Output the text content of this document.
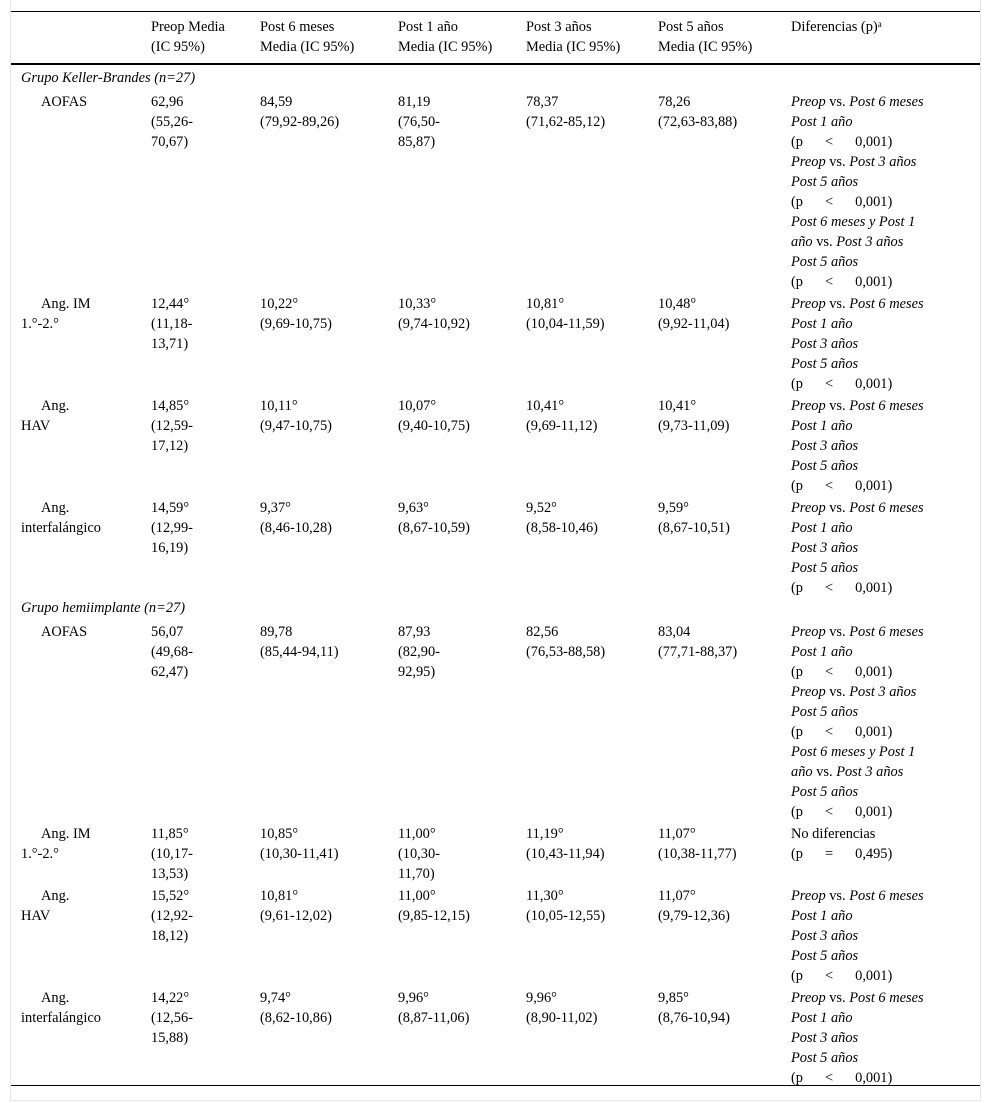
Preop Media
(IC 95%)
Post 6 meses
Media (IC 95%)
Post 1 año
Media (IC 95%)
Post 3 años
Media (IC 95%)
Post 5 años
Media (IC 95%)
Diferencias $(p)^a$
Grupo Keller-Brandes (n
=
27)
AOFAS	62,96
(55,26-
70,67)
84,59
(79,92-89,26)
81,19
(76,50-
85,87)
78,37
(71,62-85,12)
78,26
(72,63-83,88)
Preop vs. Post 6 meses
Post 1 año
(p < 0,001)
Preop vs. Post 3 años
Post 5 años
(p < 0,001)
Post 6 meses y Post 1
año vs. Post 3 años
Post 5 años
(p < 0,001)
Ang. IM
1.°-2.°
12,44°
(11,18-
13,71)
10,22°
(9,69-10,75)
10,33°
(9,74-10,92)
10,81°
(10,04-11,59)
10,48°
(9,92-11,04)
Preop vs. Post 6 meses
Post 1 año
Post 3 años
Post 5 años
(p < 0,001)
Ang.
HAV
14,85°
(12,59-
17,12)
10,11°
(9,47-10,75)
10,07°
(9,40-10,75)
10,41°
(9,69-11,12)
10,41°
(9,73-11,09)
Preop vs. Post 6 meses
Post 1 año
Post 3 años
Post 5 años
(p < 0,001)
Ang.
interfalángico
14,59°
(12,99-
16,19)
9,37°
(8,46-10,28)
9,63°
(8,67-10,59)
9,52°
(8,58-10,46)
9,59°
(8,67-10,51)
Preop vs. Post 6 meses
Post 1 año
Post 3 años
Post 5 años
(p < 0,001)
Grupo hemiimplante (n
=
27)
AOFAS	56,07
(49,68-
62,47)
89,78
(85,44-94,11)
87,93
(82,90-
92,95)
82,56
(76,53-88,58)
83,04
(77,71-88,37)
Preop vs. Post 6 meses
Post 1 año
(p < 0,001)
Preop vs. Post 3 años
Post 5 años
(p < 0,001)
Post 6 meses y Post 1
año vs. Post 3 años
Post 5 años
(p < 0,001)
Ang. IM
1.°-2.°
11,85°
(10,17-
13,53)
10,85°
(10,30-11,41)
11,00°
(10,30-
11,70)
11,19°
(10,43-11,94)
11,07°
(10,38-11,77)
No diferencias
(p = 0,495)
Ang.
HAV
15,52°
(12,92-
18,12)
10,81°
(9,61-12,02)
11,00°
(9,85-12,15)
11,30°
(10,05-12,55)
11,07°
(9,79-12,36)
Preop vs. Post 6 meses
Post 1 año
Post 3 años
Post 5 años
(p < 0,001)
Ang.
interfalángico
14,22°
(12,56-
15,88)
9,74°
(8,62-10,86)
9,96°
(8,87-11,06)
9,96°
(8,90-11,02)
9,85°
(8,76-10,94)
Preop vs. Post 6 meses
Post 1 año
Post 3 años
Post 5 años
(p < 0,001)
